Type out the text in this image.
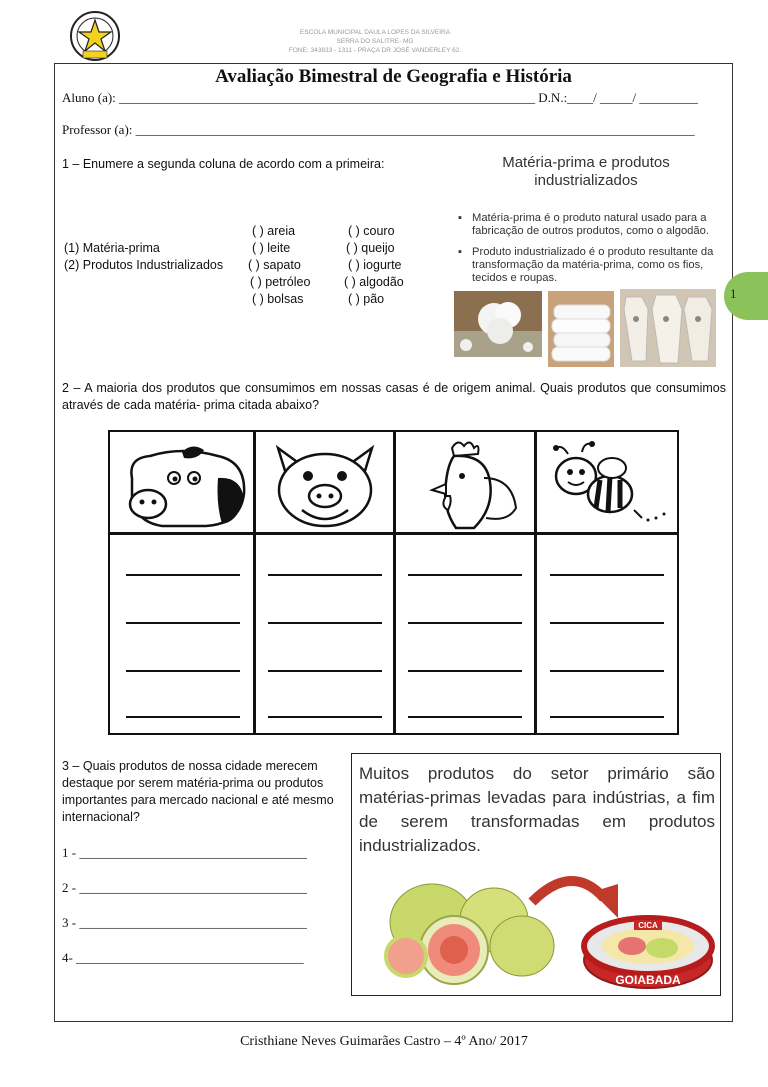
ESCOLA MUNICIPAL DAULA LOPES DA SILVEIRA
SERRA DO SALITRE- MG
FONE: 343833 - 1311 - PRAÇA DR JOSÉ VANDERLEY 62.
Avaliação Bimestral de Geografia e História
Aluno (a): ________________________________________________________________ D.N.:____/ _____/ _________
Professor (a): ______________________________________________________________________________________
1 – Enumere a segunda coluna de acordo com a primeira:
(1) Matéria-prima
(2) Produtos Industrializados
( ) areia
( ) leite
( ) sapato
( ) petróleo
( ) bolsas
( ) couro
( ) queijo
( ) iogurte
( ) algodão
( ) pão
Matéria-prima e produtos industrializados
▪ Matéria-prima é o produto natural usado para a fabricação de outros produtos, como o algodão.
▪ Produto industrializado é o produto resultante da transformação da matéria-prima, como os fios, tecidos e roupas.
1
2 – A maioria dos produtos que consumimos em nossas casas é de origem animal. Quais produtos que consumimos através de cada matéria- prima citada abaixo?
3 – Quais produtos de nossa cidade merecem destaque por serem matéria-prima ou produtos importantes para mercado nacional e até mesmo internacional?
1 - ___________________________________
2 - ___________________________________
3 - ___________________________________
4- ___________________________________
Muitos produtos do setor primário são matérias-primas levadas para indústrias, a fim de serem transformadas em produtos industrializados.
CICA
GOIABADA
Cristhiane Neves Guimarães Castro – 4º Ano/ 2017
